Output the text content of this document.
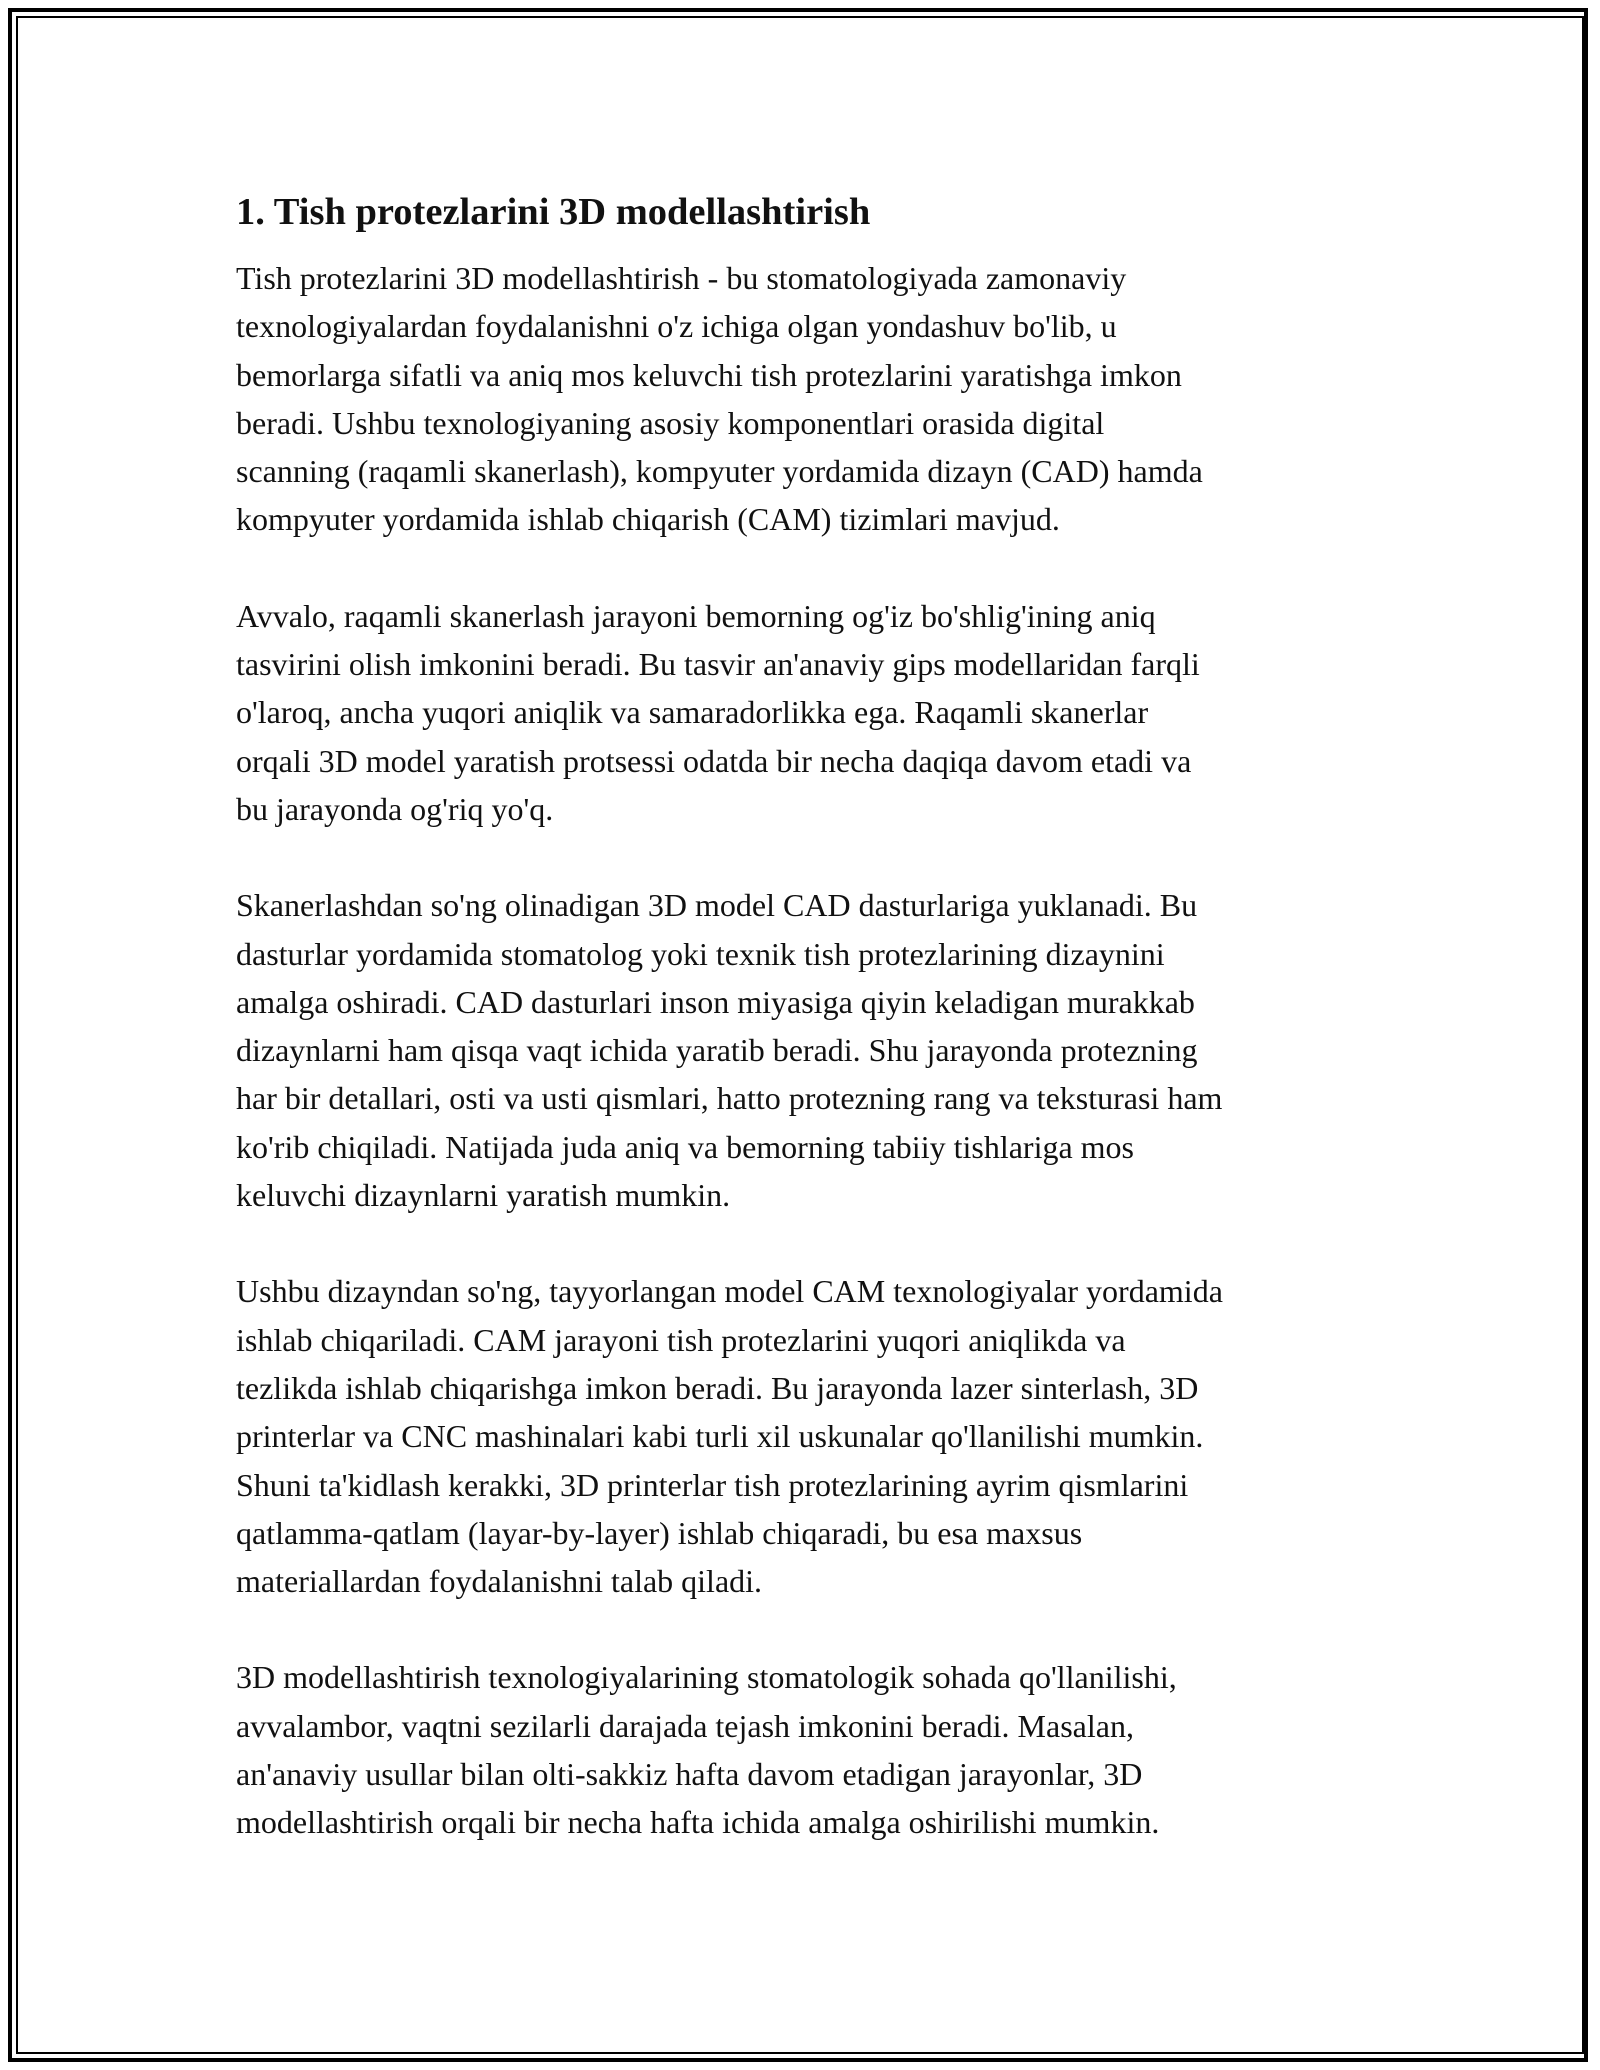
1. Tish protezlarini 3D modellashtirish

Tish protezlarini 3D modellashtirish - bu stomatologiyada zamonaviy
texnologiyalardan foydalanishni o'z ichiga olgan yondashuv bo'lib, u
bemorlarga sifatli va aniq mos keluvchi tish protezlarini yaratishga imkon
beradi. Ushbu texnologiyaning asosiy komponentlari orasida digital
scanning (raqamli skanerlash), kompyuter yordamida dizayn (CAD) hamda
kompyuter yordamida ishlab chiqarish (CAM) tizimlari mavjud.

Avvalo, raqamli skanerlash jarayoni bemorning og'iz bo'shlig'ining aniq
tasvirini olish imkonini beradi. Bu tasvir an'anaviy gips modellaridan farqli
o'laroq, ancha yuqori aniqlik va samaradorlikka ega. Raqamli skanerlar
orqali 3D model yaratish protsessi odatda bir necha daqiqa davom etadi va
bu jarayonda og'riq yo'q.

Skanerlashdan so'ng olinadigan 3D model CAD dasturlariga yuklanadi. Bu
dasturlar yordamida stomatolog yoki texnik tish protezlarining dizaynini
amalga oshiradi. CAD dasturlari inson miyasiga qiyin keladigan murakkab
dizaynlarni ham qisqa vaqt ichida yaratib beradi. Shu jarayonda protezning
har bir detallari, osti va usti qismlari, hatto protezning rang va teksturasi ham
ko'rib chiqiladi. Natijada juda aniq va bemorning tabiiy tishlariga mos
keluvchi dizaynlarni yaratish mumkin.

Ushbu dizayndan so'ng, tayyorlangan model CAM texnologiyalar yordamida
ishlab chiqariladi. CAM jarayoni tish protezlarini yuqori aniqlikda va
tezlikda ishlab chiqarishga imkon beradi. Bu jarayonda lazer sinterlash, 3D
printerlar va CNC mashinalari kabi turli xil uskunalar qo'llanilishi mumkin.
Shuni ta'kidlash kerakki, 3D printerlar tish protezlarining ayrim qismlarini
qatlamma-qatlam (layar-by-layer) ishlab chiqaradi, bu esa maxsus
materiallardan foydalanishni talab qiladi.

3D modellashtirish texnologiyalarining stomatologik sohada qo'llanilishi,
avvalambor, vaqtni sezilarli darajada tejash imkonini beradi. Masalan,
an'anaviy usullar bilan olti-sakkiz hafta davom etadigan jarayonlar, 3D
modellashtirish orqali bir necha hafta ichida amalga oshirilishi mumkin.
